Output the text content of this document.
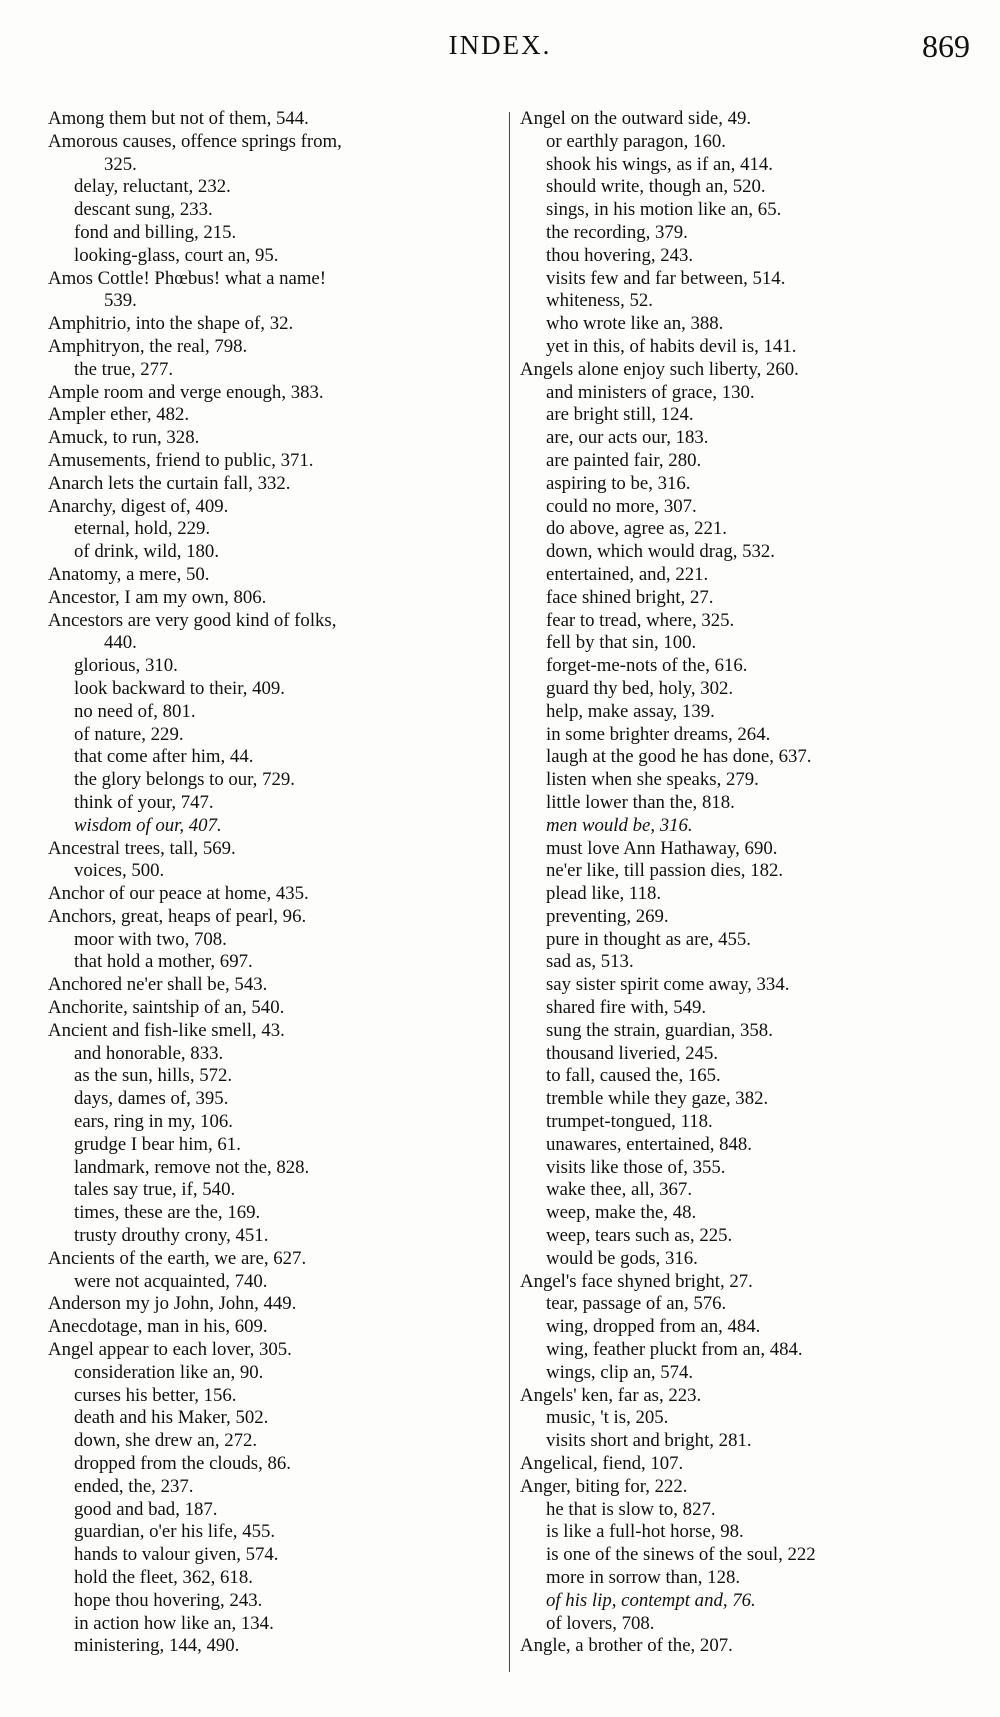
INDEX.	869
Among them but not of them, 544.
Amorous causes, offence springs from,
325.
delay, reluctant, 232.
descant sung, 233.
fond and billing, 215.
looking-glass, court an, 95.
Amos Cottle! Phœbus! what a name!
539.
Amphitrio, into the shape of, 32.
Amphitryon, the real, 798.
the true, 277.
Ample room and verge enough, 383.
Ampler ether, 482.
Amuck, to run, 328.
Amusements, friend to public, 371.
Anarch lets the curtain fall, 332.
Anarchy, digest of, 409.
eternal, hold, 229.
of drink, wild, 180.
Anatomy, a mere, 50.
Ancestor, I am my own, 806.
Ancestors are very good kind of folks,
440.
glorious, 310.
look backward to their, 409.
no need of, 801.
of nature, 229.
that come after him, 44.
the glory belongs to our, 729.
think of your, 747.
wisdom of our, 407.
Ancestral trees, tall, 569.
voices, 500.
Anchor of our peace at home, 435.
Anchors, great, heaps of pearl, 96.
moor with two, 708.
that hold a mother, 697.
Anchored ne'er shall be, 543.
Anchorite, saintship of an, 540.
Ancient and fish-like smell, 43.
and honorable, 833.
as the sun, hills, 572.
days, dames of, 395.
ears, ring in my, 106.
grudge I bear him, 61.
landmark, remove not the, 828.
tales say true, if, 540.
times, these are the, 169.
trusty drouthy crony, 451.
Ancients of the earth, we are, 627.
were not acquainted, 740.
Anderson my jo John, John, 449.
Anecdotage, man in his, 609.
Angel appear to each lover, 305.
consideration like an, 90.
curses his better, 156.
death and his Maker, 502.
down, she drew an, 272.
dropped from the clouds, 86.
ended, the, 237.
good and bad, 187.
guardian, o'er his life, 455.
hands to valour given, 574.
hold the fleet, 362, 618.
hope thou hovering, 243.
in action how like an, 134.
ministering, 144, 490.
Angel on the outward side, 49.
or earthly paragon, 160.
shook his wings, as if an, 414.
should write, though an, 520.
sings, in his motion like an, 65.
the recording, 379.
thou hovering, 243.
visits few and far between, 514.
whiteness, 52.
who wrote like an, 388.
yet in this, of habits devil is, 141.
Angels alone enjoy such liberty, 260.
and ministers of grace, 130.
are bright still, 124.
are, our acts our, 183.
are painted fair, 280.
aspiring to be, 316.
could no more, 307.
do above, agree as, 221.
down, which would drag, 532.
entertained, and, 221.
face shined bright, 27.
fear to tread, where, 325.
fell by that sin, 100.
forget-me-nots of the, 616.
guard thy bed, holy, 302.
help, make assay, 139.
in some brighter dreams, 264.
laugh at the good he has done, 637.
listen when she speaks, 279.
little lower than the, 818.
men would be, 316.
must love Ann Hathaway, 690.
ne'er like, till passion dies, 182.
plead like, 118.
preventing, 269.
pure in thought as are, 455.
sad as, 513.
say sister spirit come away, 334.
shared fire with, 549.
sung the strain, guardian, 358.
thousand liveried, 245.
to fall, caused the, 165.
tremble while they gaze, 382.
trumpet-tongued, 118.
unawares, entertained, 848.
visits like those of, 355.
wake thee, all, 367.
weep, make the, 48.
weep, tears such as, 225.
would be gods, 316.
Angel's face shyned bright, 27.
tear, passage of an, 576.
wing, dropped from an, 484.
wing, feather pluckt from an, 484.
wings, clip an, 574.
Angels' ken, far as, 223.
music, 't is, 205.
visits short and bright, 281.
Angelical, fiend, 107.
Anger, biting for, 222.
he that is slow to, 827.
is like a full-hot horse, 98.
is one of the sinews of the soul, 222
more in sorrow than, 128.
of his lip, contempt and, 76.
of lovers, 708.
Angle, a brother of the, 207.
